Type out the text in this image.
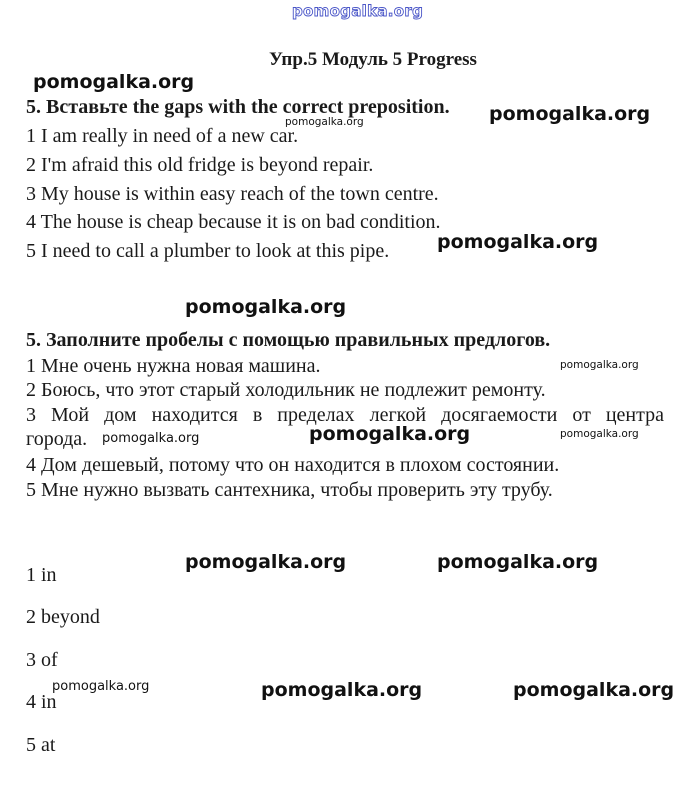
pomogalka.org
Упр.5 Модуль 5 Progress
pomogalka.org
5. Вставьте the gaps with the correct preposition.
pomogalka.org	pomogalka.org
1 I am really in need of a new car.
2 I'm afraid this old fridge is beyond repair.
3 My house is within easy reach of the town centre.
4 The house is cheap because it is on bad condition.
5 I need to call a plumber to look at this pipe.	pomogalka.org
pomogalka.org
5. Заполните пробелы с помощью правильных предлогов.
1 Мне очень нужна новая машина.	pomogalka.org
2 Боюсь, что этот старый холодильник не подлежит ремонту.
3 Мой дом находится в пределах легкой досягаемости от центра
города. pomogalka.org	pomogalka.org	pomogalka.org
4 Дом дешевый, потому что он находится в плохом состоянии.
5 Мне нужно вызвать сантехника, чтобы проверить эту трубу.
pomogalka.org	pomogalka.org
1 in
2 beyond
3 of
pomogalka.org	pomogalka.org	pomogalka.org
4 in
5 at
